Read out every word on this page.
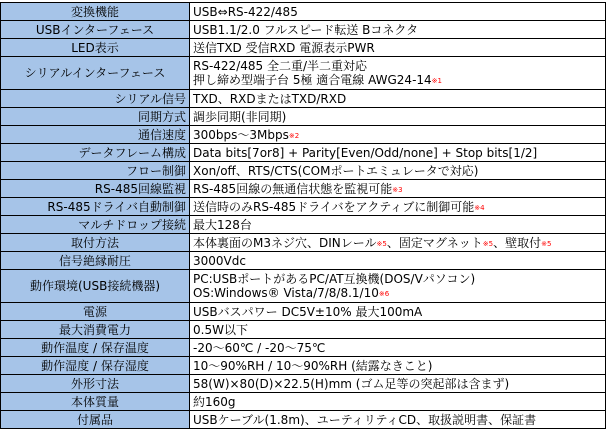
変換機能	USB⇔RS-422/485

USBインターフェース	USB1.1/2.0 フルスピード転送 Bコネクタ

LED表示	送信TXD 受信RXD 電源表示PWR

シリアルインターフェース	RS-422/485 全二重/半二重対応
押し締め型端子台 5極 適合電線 AWG24-14$^{※1}$

シリアル信号	TXD、RXDまたはTXD/RXD

同期方式	調歩同期(非同期)

通信速度	300bps〜3Mbps$^{※2}$

データフレーム構成	Data bits[7or8] + Parity[Even/Odd/none] + Stop bits[1/2]

フロー制御	Xon/off、RTS/CTS(COMポートエミュレータで対応)

RS-485回線監視	RS-485回線の無通信状態を監視可能$^{※3}$

RS-485ドライバ自動制御	送信時のみRS-485ドライバをアクティブに制御可能$^{※4}$

マルチドロップ接続	最大128台

取付方法	本体裏面のM3ネジ穴、DINレール$^{※5}$、固定マグネット$^{※5}$、壁取付$^{※5}$

信号絶縁耐圧	3000Vdc

動作環境(USB接続機器)	PC:USBポートがあるPC/AT互換機(DOS/Vパソコン)
OS:Windows® Vista/7/8/8.1/10$^{※6}$

電源	USBバスパワー DC5V±10% 最大100mA

最大消費電力	0.5W以下

動作温度 / 保存温度	-20〜60℃ / -20〜75℃

動作湿度 / 保存湿度	10〜90%RH / 10〜90%RH (結露なきこと)

外形寸法	58(W)×80(D)×22.5(H)mm (ゴム足等の突起部は含まず)

本体質量	約160g

付属品	USBケーブル(1.8m)、ユーティリティCD、取扱説明書、保証書
